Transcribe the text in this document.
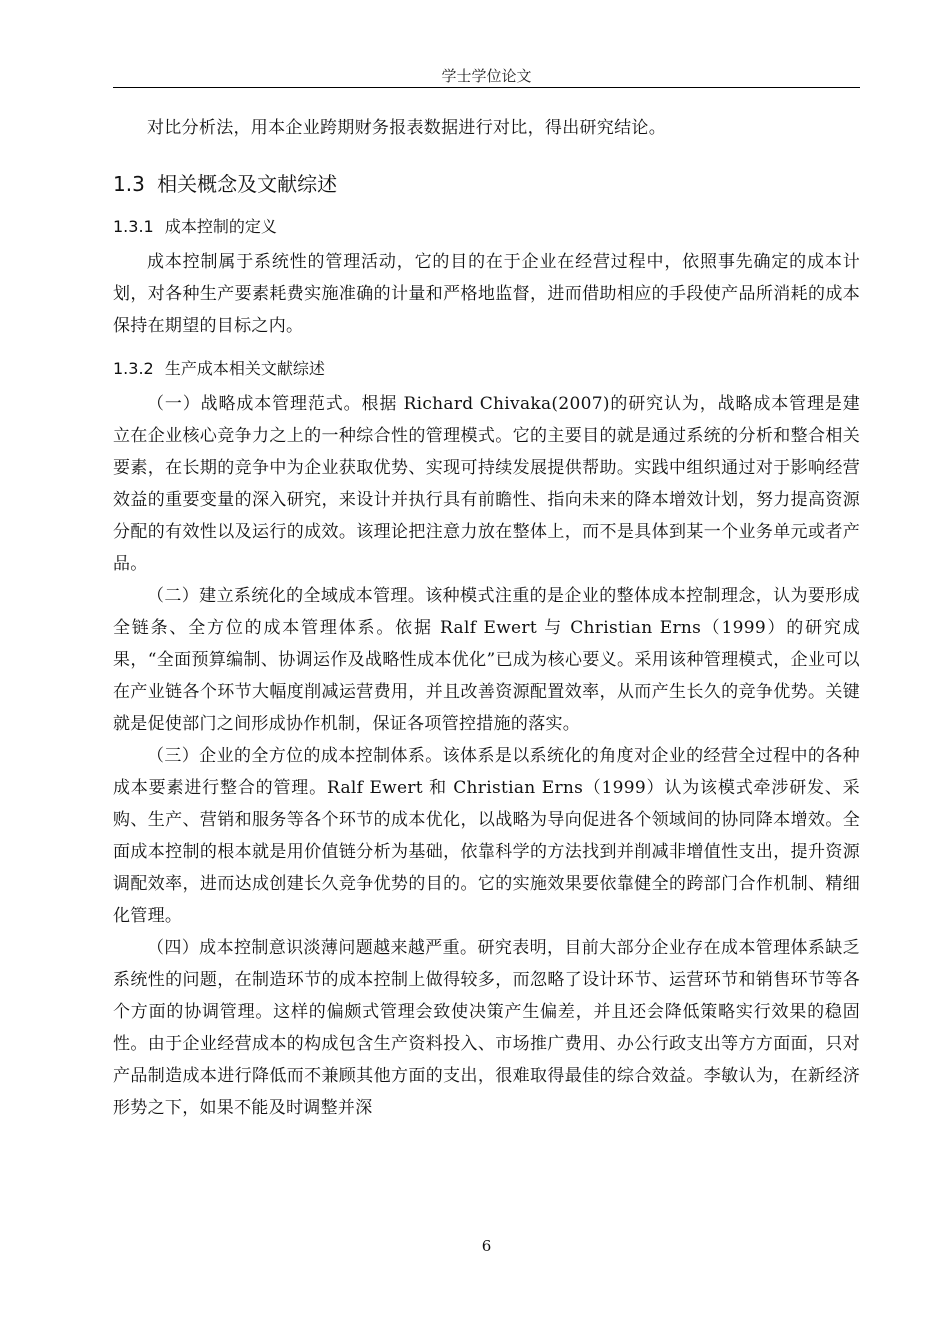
学士学位论文

对比分析法，用本企业跨期财务报表数据进行对比，得出研究结论。

1.3 相关概念及文献综述
1.3.1 成本控制的定义

成本控制属于系统性的管理活动，它的目的在于企业在经营过程中，依照事先确定的成本计划，对各种生产要素耗费实施准确的计量和严格地监督，进而借助相应的手段使产品所消耗的成本保持在期望的目标之内。

1.3.2 生产成本相关文献综述

（一）战略成本管理范式。根据 Richard Chivaka(2007)的研究认为，战略成本管理是建立在企业核心竞争力之上的一种综合性的管理模式。它的主要目的就是通过系统的分析和整合相关要素，在长期的竞争中为企业获取优势、实现可持续发展提供帮助。实践中组织通过对于影响经营效益的重要变量的深入研究，来设计并执行具有前瞻性、指向未来的降本增效计划，努力提高资源分配的有效性以及运行的成效。该理论把注意力放在整体上，而不是具体到某一个业务单元或者产品。

（二）建立系统化的全域成本管理。该种模式注重的是企业的整体成本控制理念，认为要形成全链条、全方位的成本管理体系。依据 Ralf Ewert 与 Christian Erns（1999）的研究成果，“全面预算编制、协调运作及战略性成本优化”已成为核心要义。采用该种管理模式，企业可以在产业链各个环节大幅度削减运营费用，并且改善资源配置效率，从而产生长久的竞争优势。关键就是促使部门之间形成协作机制，保证各项管控措施的落实。

（三）企业的全方位的成本控制体系。该体系是以系统化的角度对企业的经营全过程中的各种成本要素进行整合的管理。Ralf Ewert 和 Christian Erns（1999）认为该模式牵涉研发、采购、生产、营销和服务等各个环节的成本优化，以战略为导向促进各个领域间的协同降本增效。全面成本控制的根本就是用价值链分析为基础，依靠科学的方法找到并削减非增值性支出，提升资源调配效率，进而达成创建长久竞争优势的目的。它的实施效果要依靠健全的跨部门合作机制、精细化管理。

（四）成本控制意识淡薄问题越来越严重。研究表明，目前大部分企业存在成本管理体系缺乏系统性的问题，在制造环节的成本控制上做得较多，而忽略了设计环节、运营环节和销售环节等各个方面的协调管理。这样的偏颇式管理会致使决策产生偏差，并且还会降低策略实行效果的稳固性。由于企业经营成本的构成包含生产资料投入、市场推广费用、办公行政支出等方方面面，只对产品制造成本进行降低而不兼顾其他方面的支出，很难取得最佳的综合效益。李敏认为，在新经济形势之下，如果不能及时调整并深

6
